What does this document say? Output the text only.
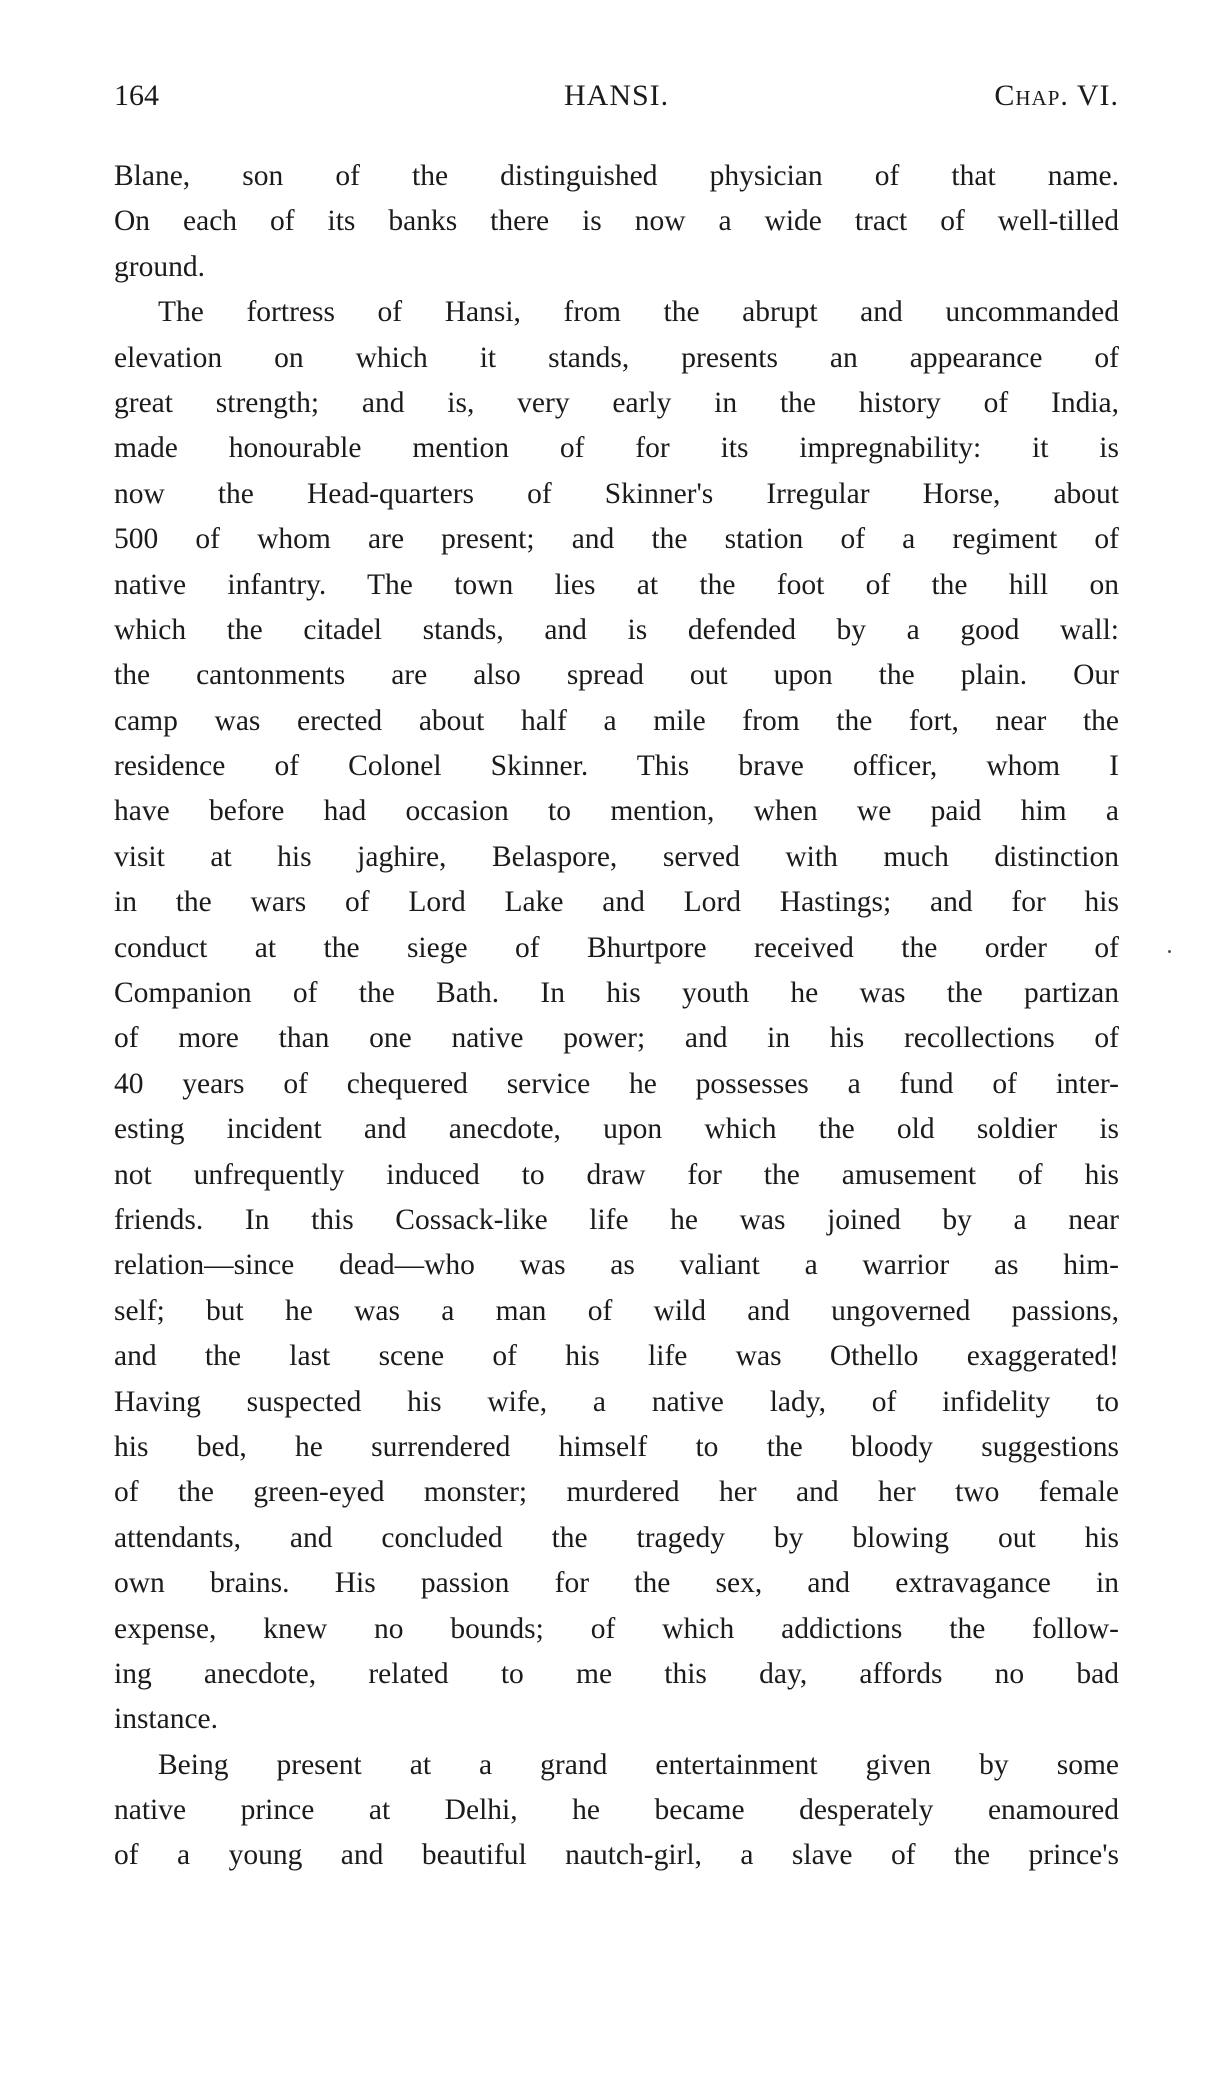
164	HANSI.	Chap. VI.
Blane, son of the distinguished physician of that name.
On each of its banks there is now a wide tract of well-tilled
ground.
The fortress of Hansi, from the abrupt and uncommanded
elevation on which it stands, presents an appearance of
great strength; and is, very early in the history of India,
made honourable mention of for its impregnability: it is
now the Head-quarters of Skinner's Irregular Horse, about
500 of whom are present; and the station of a regiment of
native infantry. The town lies at the foot of the hill on
which the citadel stands, and is defended by a good wall:
the cantonments are also spread out upon the plain. Our
camp was erected about half a mile from the fort, near the
residence of Colonel Skinner. This brave officer, whom I
have before had occasion to mention, when we paid him a
visit at his jaghire, Belaspore, served with much distinction
in the wars of Lord Lake and Lord Hastings; and for his
conduct at the siege of Bhurtpore received the order of
Companion of the Bath. In his youth he was the partizan
of more than one native power; and in his recollections of
40 years of chequered service he possesses a fund of inter-
esting incident and anecdote, upon which the old soldier is
not unfrequently induced to draw for the amusement of his
friends. In this Cossack-like life he was joined by a near
relation—since dead—who was as valiant a warrior as him-
self; but he was a man of wild and ungoverned passions,
and the last scene of his life was Othello exaggerated!
Having suspected his wife, a native lady, of infidelity to
his bed, he surrendered himself to the bloody suggestions
of the green-eyed monster; murdered her and her two female
attendants, and concluded the tragedy by blowing out his
own brains. His passion for the sex, and extravagance in
expense, knew no bounds; of which addictions the follow-
ing anecdote, related to me this day, affords no bad
instance.
Being present at a grand entertainment given by some
native prince at Delhi, he became desperately enamoured
of a young and beautiful nautch-girl, a slave of the prince's
